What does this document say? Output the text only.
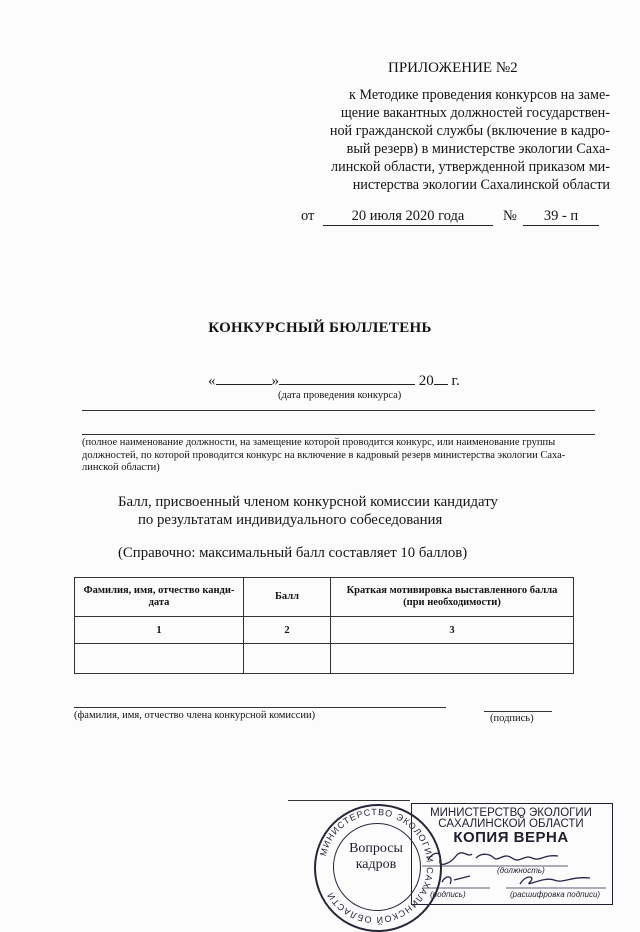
ПРИЛОЖЕНИЕ №2
к Методике проведения конкурсов на заме-
щение вакантных должностей государствен-
ной гражданской службы (включение в кадро-
вый резерв) в министерстве экологии Саха-
линской области, утвержденной приказом ми-
нистерства экологии Сахалинской области
от	20 июля 2020 года	№	39 - п
КОНКУРСНЫЙ БЮЛЛЕТЕНЬ
«	»	20 г.
(дата проведения конкурса)
(полное наименование должности, на замещение которой проводится конкурс, или наименование группы
должностей, по которой проводится конкурс на включение в кадровый резерв министерства экологии Саха-
линской области)
Балл, присвоенный членом конкурсной комиссии кандидату
по результатам индивидуального собеседования
(Справочно: максимальный балл составляет 10 баллов)
Фамилия, имя, отчество канди-дата	Балл	Краткая мотивировка выставленного балла (при необходимости)
1	2	3

(фамилия, имя, отчество члена конкурсной комиссии)	(подпись)
МИНИСТЕРСТВО ЭКОЛОГИИ
САХАЛИНСКОЙ ОБЛАСТИ
КОПИЯ ВЕРНА
(должность)
(подпись)	(расшифровка подписи)
МИНИСТЕРСТВО ЭКОЛОГИИ САХАЛИНСКОЙ ОБЛАСТИ
Вопросы
кадров
